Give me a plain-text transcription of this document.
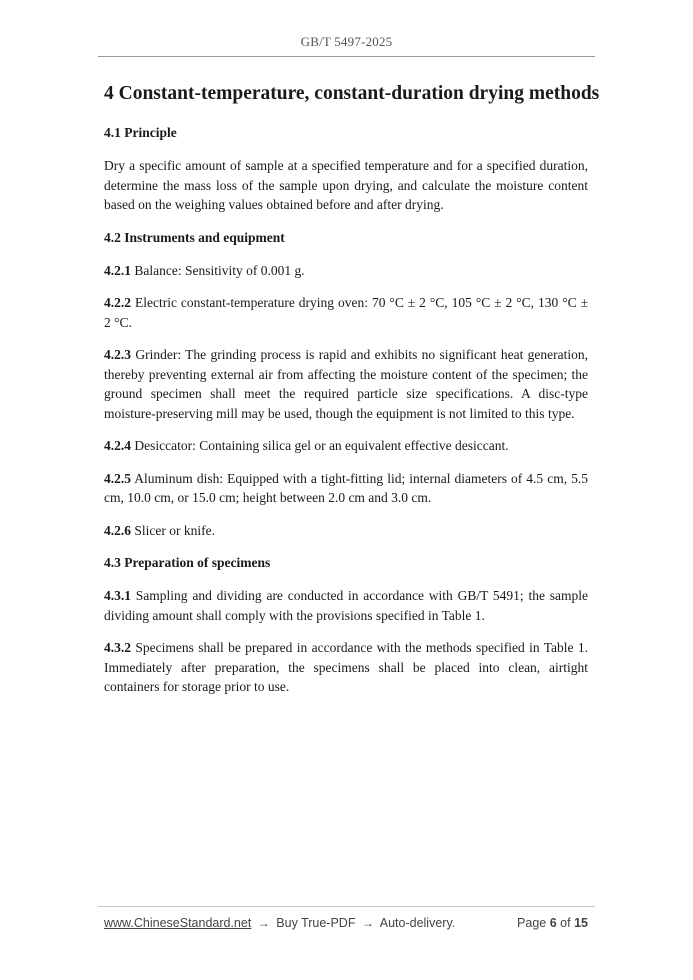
GB/T 5497-2025
4 Constant-temperature, constant-duration drying methods
4.1 Principle

Dry a specific amount of sample at a specified temperature and for a specified duration, determine the mass loss of the sample upon drying, and calculate the moisture content based on the weighing values obtained before and after drying.

4.2 Instruments and equipment

4.2.1 Balance: Sensitivity of 0.001 g.

4.2.2 Electric constant-temperature drying oven: 70 °C ± 2 °C, 105 °C ± 2 °C, 130 °C ± 2 °C.

4.2.3 Grinder: The grinding process is rapid and exhibits no significant heat generation, thereby preventing external air from affecting the moisture content of the specimen; the ground specimen shall meet the required particle size specifications. A disc-type moisture-preserving mill may be used, though the equipment is not limited to this type.

4.2.4 Desiccator: Containing silica gel or an equivalent effective desiccant.

4.2.5 Aluminum dish: Equipped with a tight-fitting lid; internal diameters of 4.5 cm, 5.5 cm, 10.0 cm, or 15.0 cm; height between 2.0 cm and 3.0 cm.

4.2.6 Slicer or knife.

4.3 Preparation of specimens

4.3.1 Sampling and dividing are conducted in accordance with GB/T 5491; the sample dividing amount shall comply with the provisions specified in Table 1.

4.3.2 Specimens shall be prepared in accordance with the methods specified in Table 1. Immediately after preparation, the specimens shall be placed into clean, airtight containers for storage prior to use.

www.ChineseStandard.net → Buy True-PDF → Auto-delivery.	Page 6 of 15
